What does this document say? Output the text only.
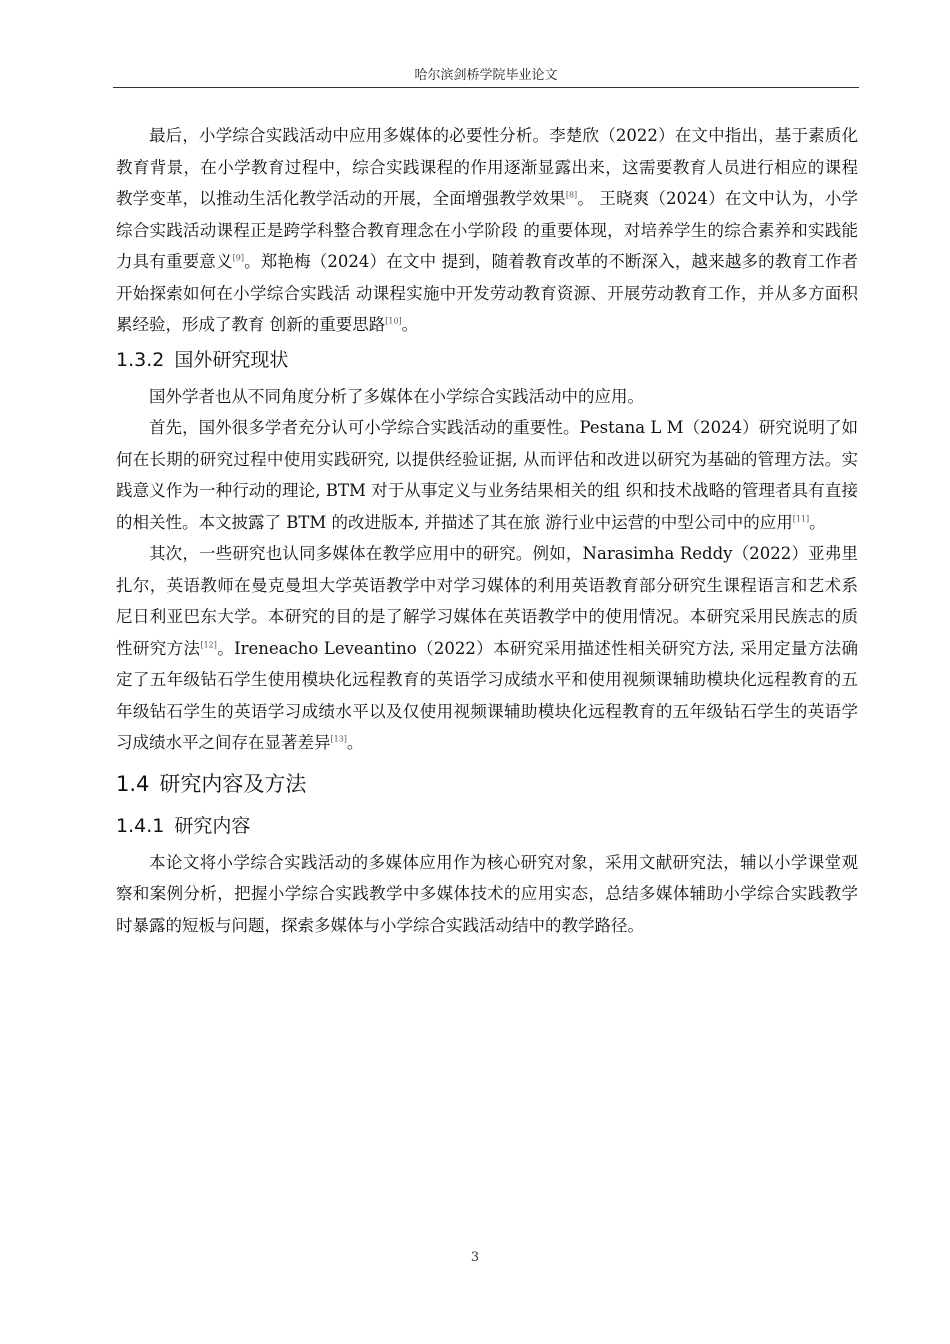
哈尔滨剑桥学院毕业论文

最后，小学综合实践活动中应用多媒体的必要性分析。李楚欣（2022）在文中指出，基于素质化教育背景，在小学教育过程中，综合实践课程的作用逐渐显露出来，这需要教育人员进行相应的课程教学变革，以推动生活化教学活动的开展，全面增强教学效果[8]。 王晓爽（2024）在文中认为，小学综合实践活动课程正是跨学科整合教育理念在小学阶段 的重要体现，对培养学生的综合素养和实践能力具有重要意义[9]。郑艳梅（2024）在文中 提到，随着教育改革的不断深入，越来越多的教育工作者开始探索如何在小学综合实践活 动课程实施中开发劳动教育资源、开展劳动教育工作，并从多方面积累经验，形成了教育 创新的重要思路[10]。

1.3.2 国外研究现状

国外学者也从不同角度分析了多媒体在小学综合实践活动中的应用。

首先，国外很多学者充分认可小学综合实践活动的重要性。Pestana L M（2024）研究说明了如何在长期的研究过程中使用实践研究, 以提供经验证据, 从而评估和改进以研究为基础的管理方法。实践意义作为一种行动的理论, BTM 对于从事定义与业务结果相关的组 织和技术战略的管理者具有直接的相关性。本文披露了 BTM 的改进版本, 并描述了其在旅 游行业中运营的中型公司中的应用[11]。

其次，一些研究也认同多媒体在教学应用中的研究。例如，Narasimha Reddy（2022）亚弗里扎尔，英语教师在曼克曼坦大学英语教学中对学习媒体的利用英语教育部分研究生课程语言和艺术系尼日利亚巴东大学。本研究的目的是了解学习媒体在英语教学中的使用情况。本研究采用民族志的质性研究方法[12]。Ireneacho Leveantino（2022）本研究采用描述性相关研究方法, 采用定量方法确定了五年级钻石学生使用模块化远程教育的英语学习成绩水平和使用视频课辅助模块化远程教育的五年级钻石学生的英语学习成绩水平以及仅使用视频课辅助模块化远程教育的五年级钻石学生的英语学习成绩水平之间存在显著差异[13]。

1.4 研究内容及方法
1.4.1 研究内容

本论文将小学综合实践活动的多媒体应用作为核心研究对象，采用文献研究法，辅以小学课堂观察和案例分析，把握小学综合实践教学中多媒体技术的应用实态，总结多媒体辅助小学综合实践教学时暴露的短板与问题，探索多媒体与小学综合实践活动结中的教学路径。

3
